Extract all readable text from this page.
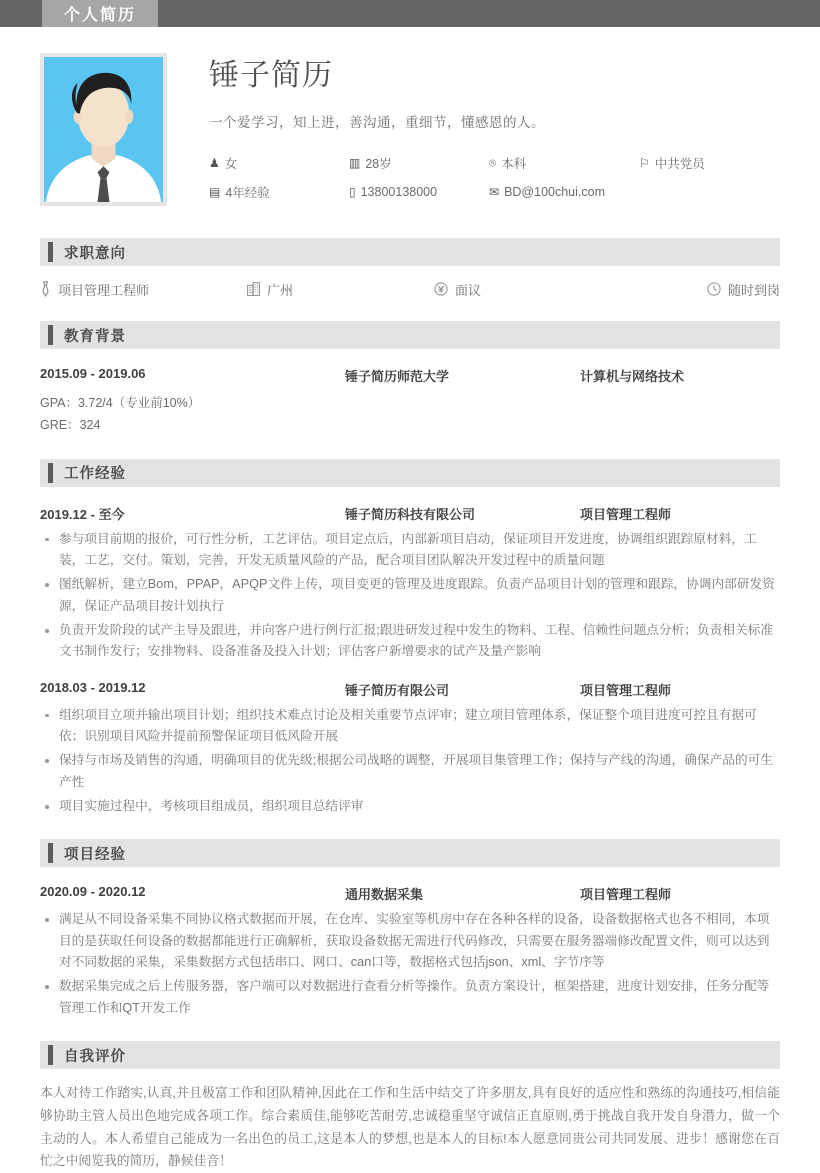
个人简历
锤子简历
一个爱学习，知上进，善沟通，重细节，懂感恩的人。
♟ 女	▥ 28岁	⌾ 本科	⚐ 中共党员
▤ 4年经验	▯ 13800138000	✉ BD@100chui.com
求职意向
项目管理工程师	广州	面议	随时到岗
教育背景
2015.09 - 2019.06	锤子简历师范大学	计算机与网络技术
GPA：3.72/4（专业前10%）
GRE：324
工作经验
2019.12 - 至今	锤子简历科技有限公司	项目管理工程师
参与项目前期的报价，可行性分析，工艺评估。项目定点后，内部新项目启动，保证项目开发进度，协调组织跟踪原材料，工装，工艺，交付。策划，完善，开发无质量风险的产品，配合项目团队解决开发过程中的质量问题
图纸解析，建立Bom，PPAP，APQP文件上传，项目变更的管理及进度跟踪。负责产品项目计划的管理和跟踪，协调内部研发资源，保证产品项目按计划执行
负责开发阶段的试产主导及跟进，并向客户进行例行汇报;跟进研发过程中发生的物料、工程、信赖性问题点分析；负责相关标准文书制作发行；安排物料、设备准备及投入计划；评估客户新增要求的试产及量产影响
2018.03 - 2019.12	锤子简历有限公司	项目管理工程师
组织项目立项并输出项目计划；组织技术难点讨论及相关重要节点评审；建立项目管理体系，保证整个项目进度可控且有据可依；识别项目风险并提前预警保证项目低风险开展
保持与市场及销售的沟通，明确项目的优先级;根据公司战略的调整，开展项目集管理工作；保持与产线的沟通，确保产品的可生产性
项目实施过程中，考核项目组成员，组织项目总结评审
项目经验
2020.09 - 2020.12	通用数据采集	项目管理工程师
满足从不同设备采集不同协议格式数据而开展，在仓库、实验室等机房中存在各种各样的设备，设备数据格式也各不相同，本项目的是获取任何设备的数据都能进行正确解析，获取设备数据无需进行代码修改，只需要在服务器端修改配置文件，则可以达到对不同数据的采集，采集数据方式包括串口、网口、can口等，数据格式包括json、xml、字节序等
数据采集完成之后上传服务器，客户端可以对数据进行查看分析等操作。负责方案设计，框架搭建，进度计划安排，任务分配等管理工作和QT开发工作
自我评价
本人对待工作踏实,认真,并且极富工作和团队精神,因此在工作和生活中结交了许多朋友,具有良好的适应性和熟练的沟通技巧,相信能够协助主管人员出色地完成各项工作。综合素质佳,能够吃苦耐劳,忠诚稳重坚守诚信正直原则,勇于挑战自我开发自身潜力，做一个主动的人。本人希望自己能成为一名出色的员工,这是本人的梦想,也是本人的目标!本人愿意同贵公司共同发展、进步！感谢您在百忙之中阅览我的简历，静候佳音！
